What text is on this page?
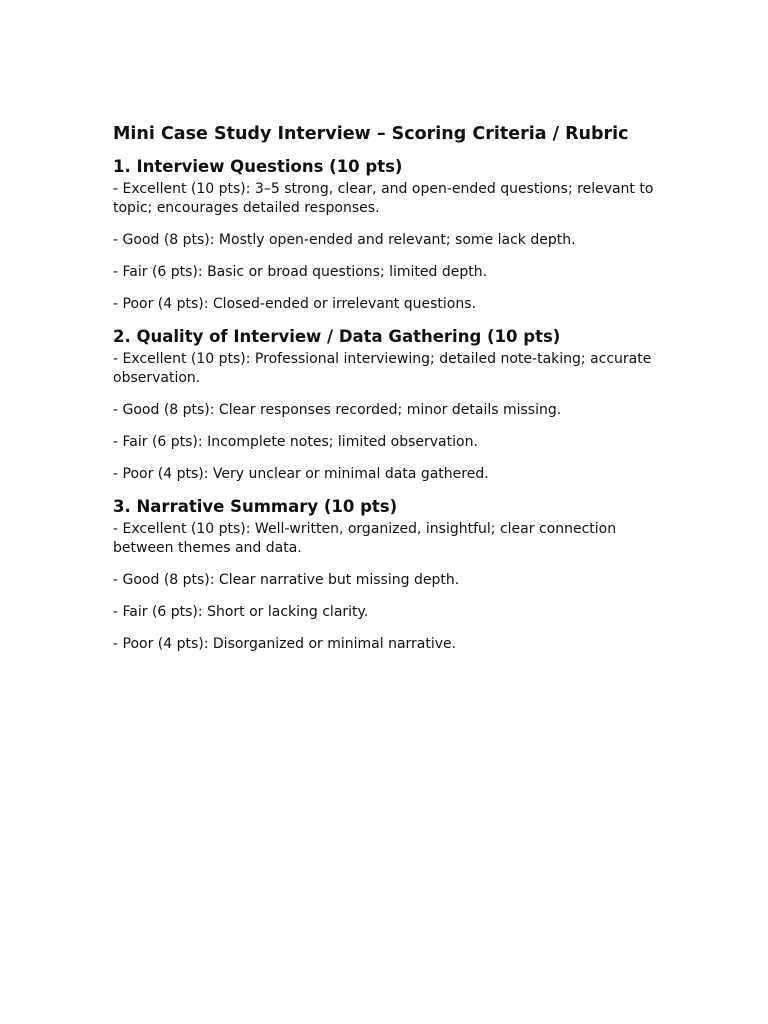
Mini Case Study Interview – Scoring Criteria / Rubric
1. Interview Questions (10 pts)

- Excellent (10 pts): 3–5 strong, clear, and open-ended questions; relevant to topic; encourages detailed responses.

- Good (8 pts): Mostly open-ended and relevant; some lack depth.

- Fair (6 pts): Basic or broad questions; limited depth.

- Poor (4 pts): Closed-ended or irrelevant questions.

2. Quality of Interview / Data Gathering (10 pts)

- Excellent (10 pts): Professional interviewing; detailed note-taking; accurate observation.

- Good (8 pts): Clear responses recorded; minor details missing.

- Fair (6 pts): Incomplete notes; limited observation.

- Poor (4 pts): Very unclear or minimal data gathered.

3. Narrative Summary (10 pts)

- Excellent (10 pts): Well-written, organized, insightful; clear connection between themes and data.

- Good (8 pts): Clear narrative but missing depth.

- Fair (6 pts): Short or lacking clarity.

- Poor (4 pts): Disorganized or minimal narrative.
